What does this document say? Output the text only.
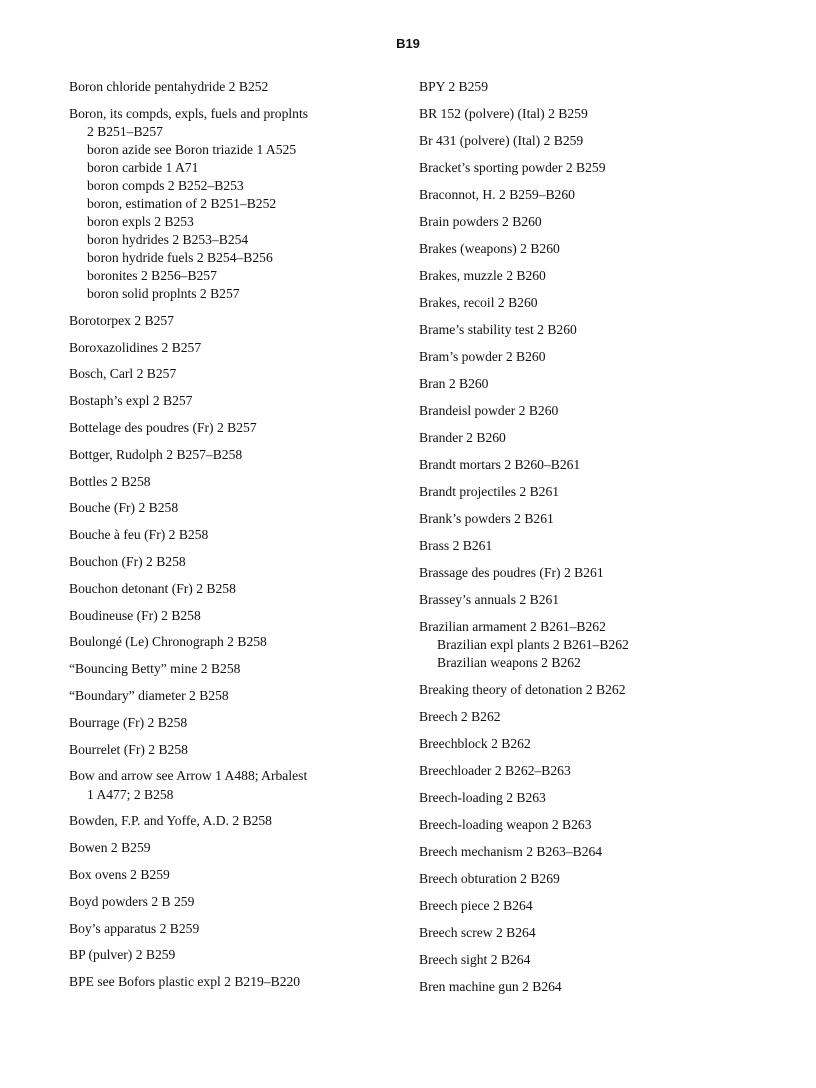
B19
Boron chloride pentahydride 2 B252
Boron, its compds, expls, fuels and proplnts
2 B251–B257
boron azide see Boron triazide 1 A525
boron carbide 1 A71
boron compds 2 B252–B253
boron, estimation of 2 B251–B252
boron expls 2 B253
boron hydrides 2 B253–B254
boron hydride fuels 2 B254–B256
boronites 2 B256–B257
boron solid proplnts 2 B257
Borotorpex 2 B257
Boroxazolidines 2 B257
Bosch, Carl 2 B257
Bostaph’s expl 2 B257
Bottelage des poudres (Fr) 2 B257
Bottger, Rudolph 2 B257–B258
Bottles 2 B258
Bouche (Fr) 2 B258
Bouche à feu (Fr) 2 B258
Bouchon (Fr) 2 B258
Bouchon detonant (Fr) 2 B258
Boudineuse (Fr) 2 B258
Boulongé (Le) Chronograph 2 B258
“Bouncing Betty” mine 2 B258
“Boundary” diameter 2 B258
Bourrage (Fr) 2 B258
Bourrelet (Fr) 2 B258
Bow and arrow see Arrow 1 A488; Arbalest
1 A477; 2 B258
Bowden, F.P. and Yoffe, A.D. 2 B258
Bowen 2 B259
Box ovens 2 B259
Boyd powders 2 B 259
Boy’s apparatus 2 B259
BP (pulver) 2 B259
BPE see Bofors plastic expl 2 B219–B220
BPY 2 B259
BR 152 (polvere) (Ital) 2 B259
Br 431 (polvere) (Ital) 2 B259
Bracket’s sporting powder 2 B259
Braconnot, H. 2 B259–B260
Brain powders 2 B260
Brakes (weapons) 2 B260
Brakes, muzzle 2 B260
Brakes, recoil 2 B260
Brame’s stability test 2 B260
Bram’s powder 2 B260
Bran 2 B260
Brandeisl powder 2 B260
Brander 2 B260
Brandt mortars 2 B260–B261
Brandt projectiles 2 B261
Brank’s powders 2 B261
Brass 2 B261
Brassage des poudres (Fr) 2 B261
Brassey’s annuals 2 B261
Brazilian armament 2 B261–B262
Brazilian expl plants 2 B261–B262
Brazilian weapons 2 B262
Breaking theory of detonation 2 B262
Breech 2 B262
Breechblock 2 B262
Breechloader 2 B262–B263
Breech-loading 2 B263
Breech-loading weapon 2 B263
Breech mechanism 2 B263–B264
Breech obturation 2 B269
Breech piece 2 B264
Breech screw 2 B264
Breech sight 2 B264
Bren machine gun 2 B264
